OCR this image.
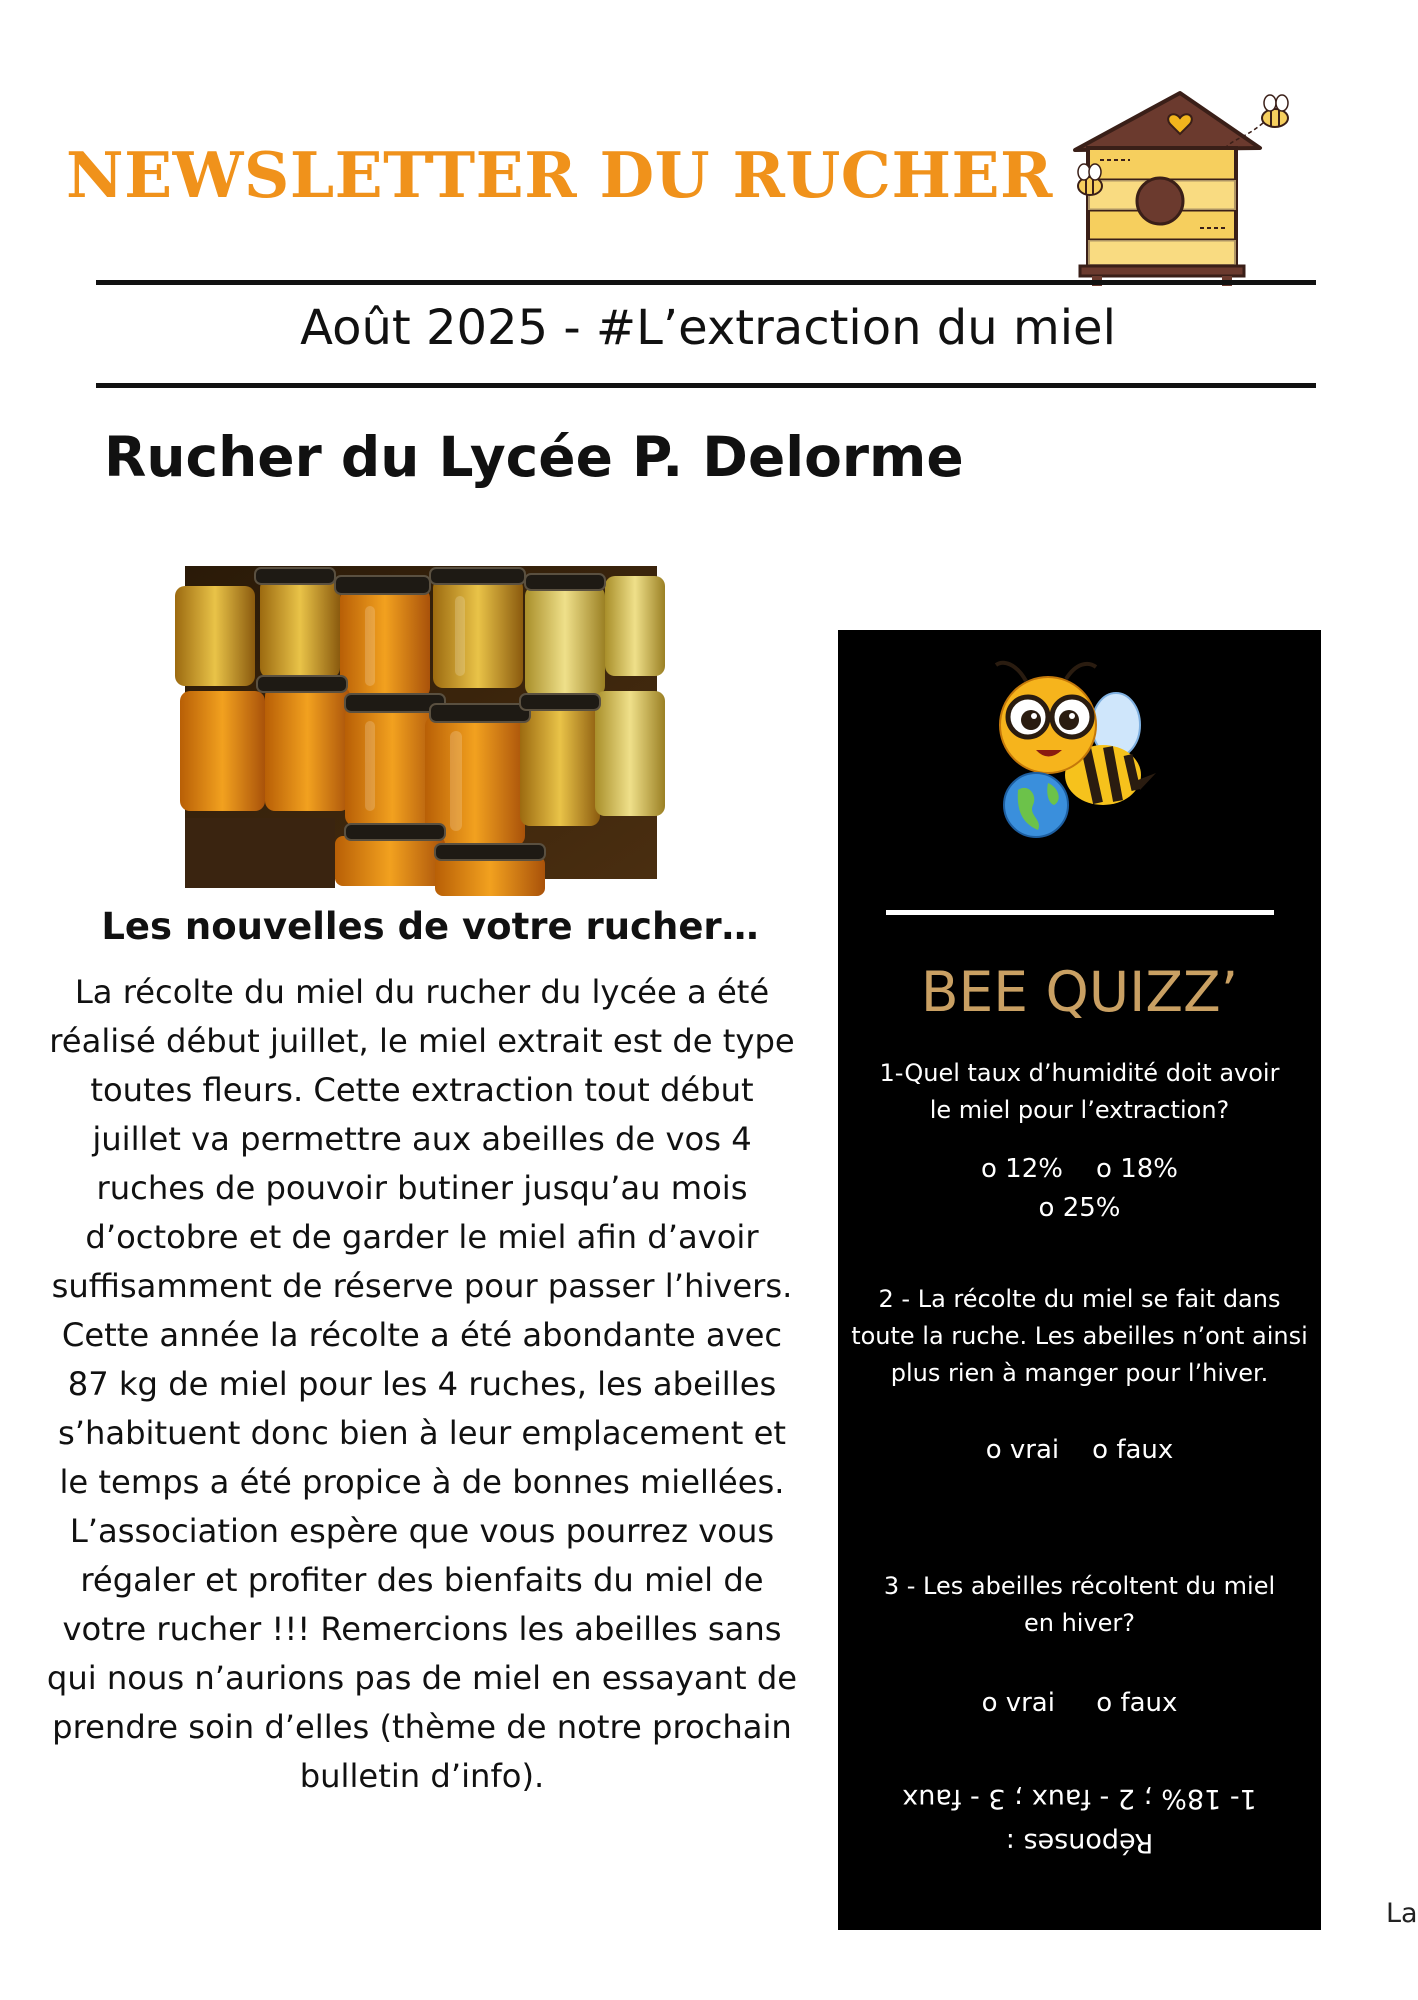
NEWSLETTER DU RUCHER
Août 2025 - #L’extraction du miel
Rucher du Lycée P. Delorme
Les nouvelles de votre rucher…
La récolte du miel du rucher du lycée a été
réalisé début juillet, le miel extrait est de type
toutes fleurs. Cette extraction tout début
juillet va permettre aux abeilles de vos 4
ruches de pouvoir butiner jusqu’au mois
d’octobre et de garder le miel afin d’avoir
suffisamment de réserve pour passer l’hivers.
Cette année la récolte a été abondante avec
87 kg de miel pour les 4 ruches, les abeilles
s’habituent donc bien à leur emplacement et
le temps a été propice à de bonnes miellées.
L’association espère que vous pourrez vous
régaler et profiter des bienfaits du miel de
votre rucher !!! Remercions les abeilles sans
qui nous n’aurions pas de miel en essayant de
prendre soin d’elles (thème de notre prochain
bulletin d’info).
BEE QUIZZ’
1-Quel taux d’humidité doit avoir
le miel pour l’extraction?
o 12%    o 18%
o 25%
2 - La récolte du miel se fait dans
toute la ruche. Les abeilles n’ont ainsi
plus rien à manger pour l’hiver.
o vrai    o faux
3 - Les abeilles récoltent du miel
en hiver?
o vrai     o faux
Réponses :
1- 18% ; 2 - faux ; 3 - faux
La
